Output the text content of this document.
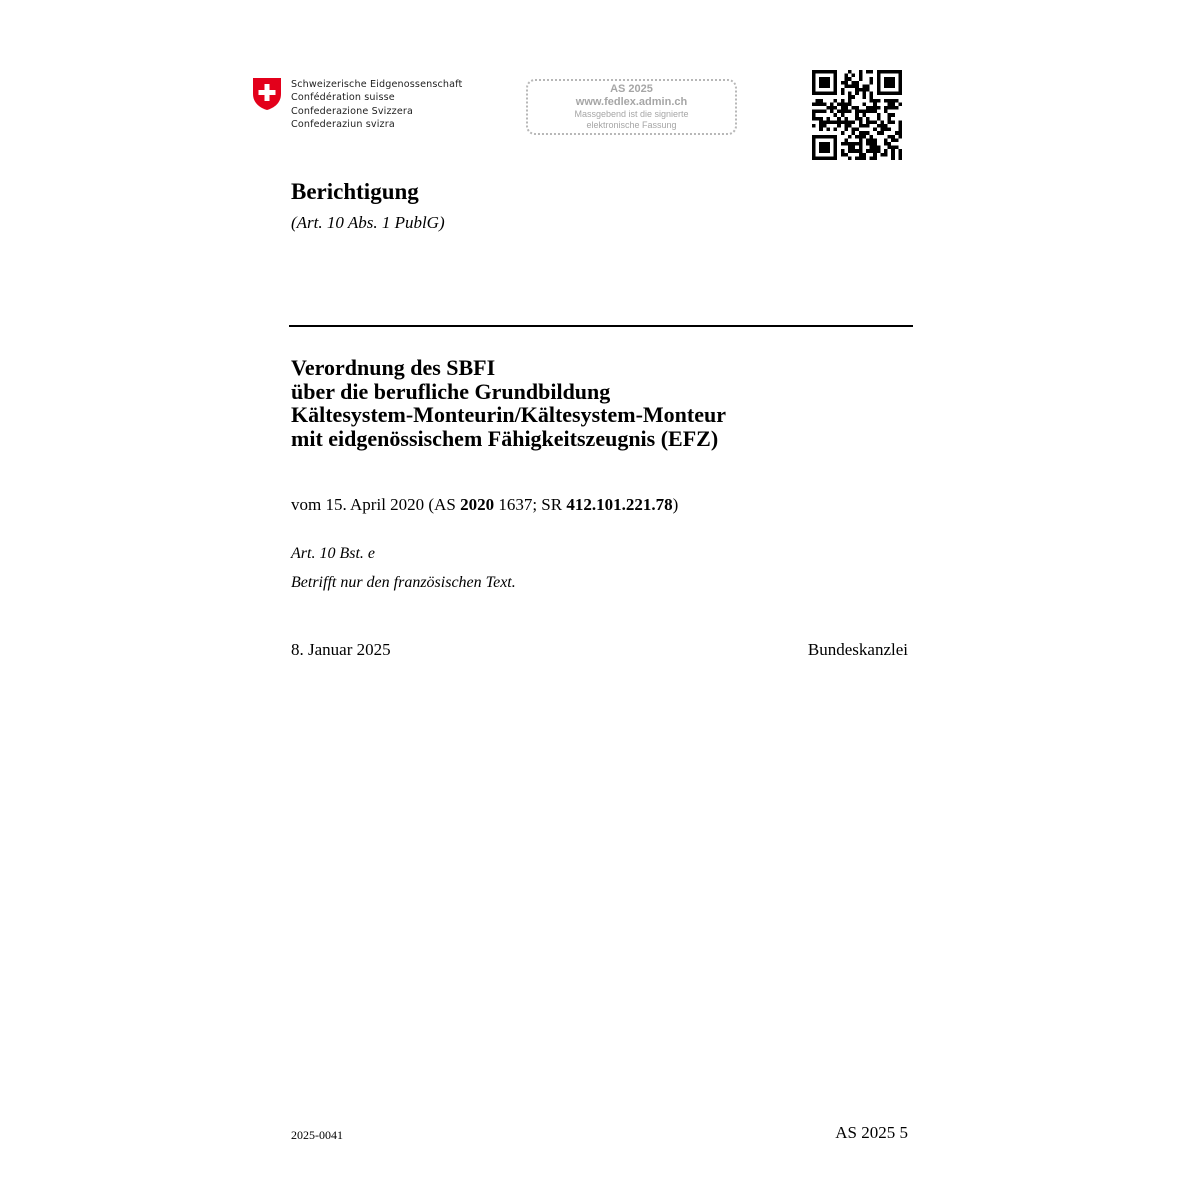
Schweizerische Eidgenossenschaft
Confédération suisse
Confederazione Svizzera
Confederaziun svizra
AS 2025
www.fedlex.admin.ch
Massgebend ist die signierte
elektronische Fassung
Berichtigung
(Art. 10 Abs. 1 PublG)
Verordnung des SBFI
über die berufliche Grundbildung
Kältesystem-Monteurin/Kältesystem-Monteur
mit eidgenössischem Fähigkeitszeugnis (EFZ)
vom 15. April 2020 (AS 2020 1637; SR 412.101.221.78)
Art. 10 Bst. e
Betrifft nur den französischen Text.
8. Januar 2025	Bundeskanzlei
2025-0041	AS 2025 5
